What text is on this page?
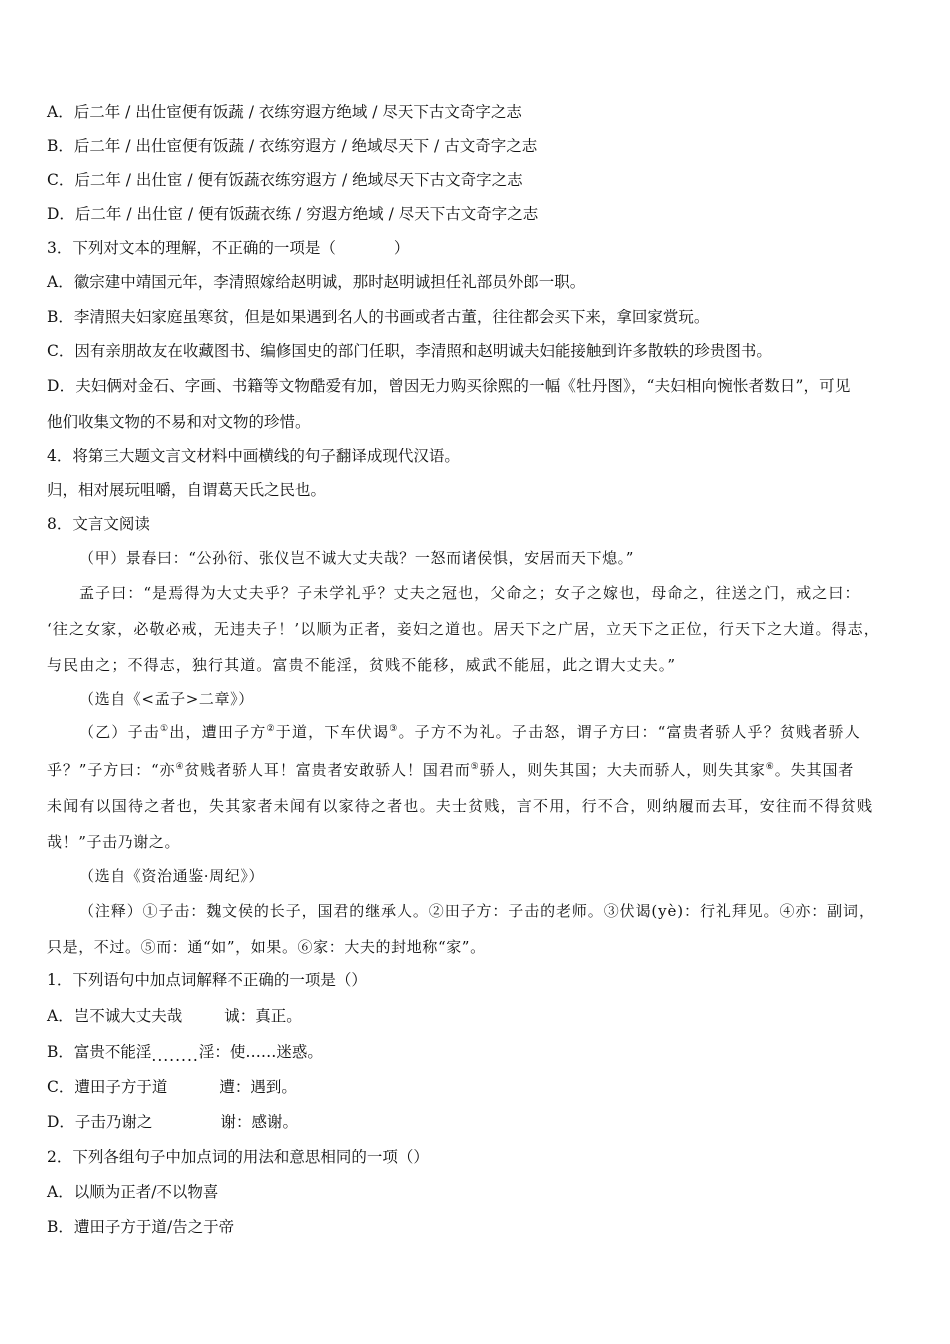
A．后二年 / 出仕宦便有饭蔬 / 衣练穷遐方绝域 / 尽天下古文奇字之志
B．后二年 / 出仕宦便有饭蔬 / 衣练穷遐方 / 绝域尽天下 / 古文奇字之志
C．后二年 / 出仕宦 / 便有饭蔬衣练穷遐方 / 绝域尽天下古文奇字之志
D．后二年 / 出仕宦 / 便有饭蔬衣练 / 穷遐方绝域 / 尽天下古文奇字之志
3．下列对文本的理解，不正确的一项是（	）
A．徽宗建中靖国元年，李清照嫁给赵明诚，那时赵明诚担任礼部员外郎一职。
B．李清照夫妇家庭虽寒贫，但是如果遇到名人的书画或者古董，往往都会买下来，拿回家赏玩。
C．因有亲朋故友在收藏图书、编修国史的部门任职，李清照和赵明诚夫妇能接触到许多散轶的珍贵图书。
D．夫妇俩对金石、字画、书籍等文物酷爱有加，曾因无力购买徐熙的一幅《牡丹图》，“夫妇相向惋怅者数日”，可见
他们收集文物的不易和对文物的珍惜。
4．将第三大题文言文材料中画横线的句子翻译成现代汉语。
归，相对展玩咀嚼，自谓葛天氏之民也。
8．文言文阅读
（甲）景春曰：“公孙衍、张仪岂不诚大丈夫哉？一怒而诸侯惧，安居而天下熄。”
孟子曰：“是焉得为大丈夫乎？子未学礼乎？丈夫之冠也，父命之；女子之嫁也，母命之，往送之门，戒之曰：
‘往之女家，必敬必戒，无违夫子！’以顺为正者，妾妇之道也。居天下之广居，立天下之正位，行天下之大道。得志，
与民由之；不得志，独行其道。富贵不能淫，贫贱不能移，威武不能屈，此之谓大丈夫。”
（选自《<孟子>二章》）
（乙）子击①出，遭田子方②于道，下车伏谒③。子方不为礼。子击怒，谓子方曰：“富贵者骄人乎？贫贱者骄人
乎？”子方曰：“亦④贫贱者骄人耳！富贵者安敢骄人！国君而⑤骄人，则失其国；大夫而骄人，则失其家⑥。失其国者
未闻有以国待之者也，失其家者未闻有以家待之者也。夫士贫贱，言不用，行不合，则纳履而去耳，安往而不得贫贱
哉！”子击乃谢之。
（选自《资治通鉴·周纪》）
（注释）①子击：魏文侯的长子，国君的继承人。②田子方：子击的老师。③伏谒(yè)：行礼拜见。④亦：副词，
只是，不过。⑤而：通“如”，如果。⑥家：大夫的封地称“家”。
1．下列语句中加点词解释不正确的一项是（）
A．岂不诚大丈夫哉	诚：真正。
B．富贵不能淫........淫：使……迷惑。
C．遭田子方于道	遭：遇到。
D．子击乃谢之	谢：感谢。
2．下列各组句子中加点词的用法和意思相同的一项（）
A．以顺为正者/不以物喜
B．遭田子方于道/告之于帝
